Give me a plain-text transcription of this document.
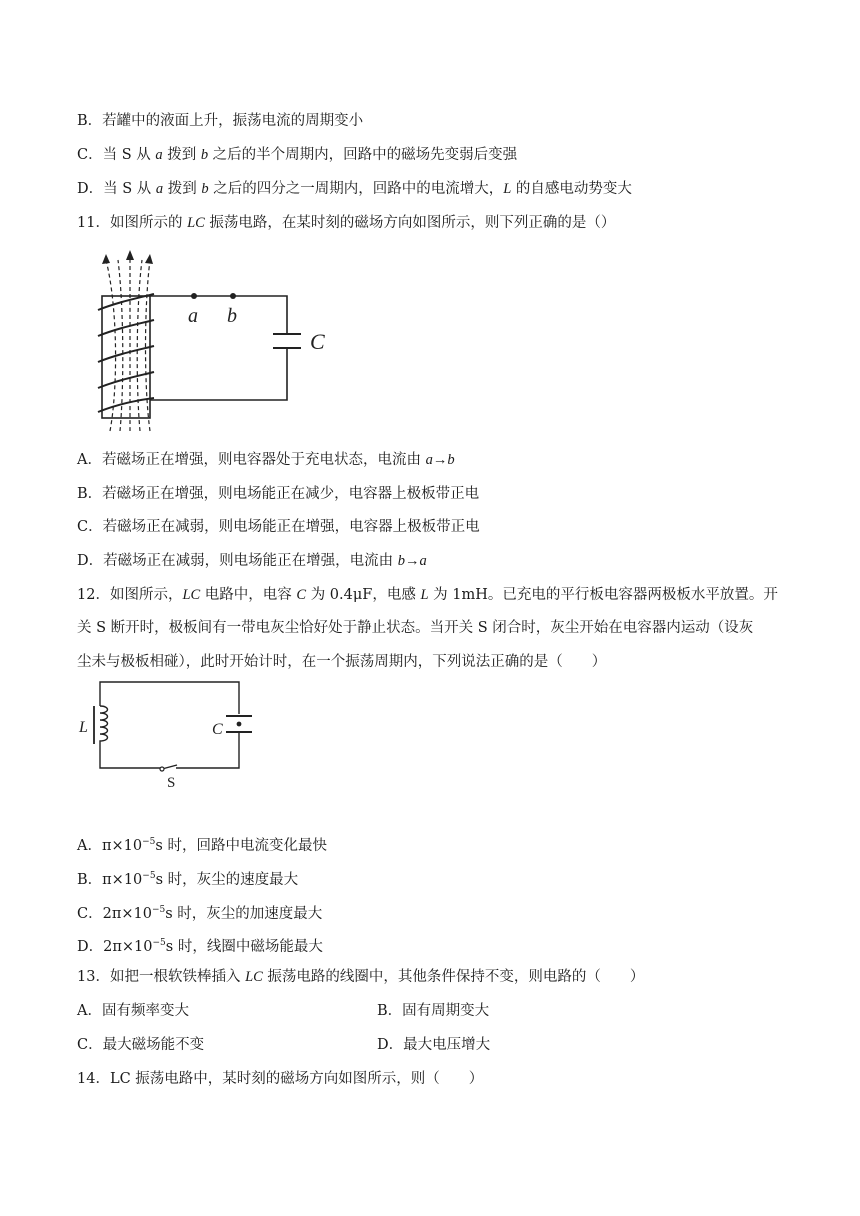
B．若罐中的液面上升，振荡电流的周期变小
C．当 S 从 a 拨到 b 之后的半个周期内，回路中的磁场先变弱后变强
D．当 S 从 a 拨到 b 之后的四分之一周期内，回路中的电流增大，L 的自感电动势变大
11．如图所示的 LC 振荡电路，在某时刻的磁场方向如图所示，则下列正确的是（）
a b
C
A．若磁场正在增强，则电容器处于充电状态，电流由 a→b
B．若磁场正在增强，则电场能正在减少，电容器上极板带正电
C．若磁场正在减弱，则电场能正在增强，电容器上极板带正电
D．若磁场正在减弱，则电场能正在增强，电流由 b→a
12．如图所示，LC 电路中，电容 C 为 0.4μF，电感 L 为 1mH。已充电的平行板电容器两极板水平放置。开
关 S 断开时，极板间有一带电灰尘恰好处于静止状态。当开关 S 闭合时，灰尘开始在电容器内运动（设灰
尘未与极板相碰），此时开始计时，在一个振荡周期内，下列说法正确的是（　　）
L	C
S
A．$\pi\times 10^{-5}s$ 时，回路中电流变化最快
B．$\pi\times 10^{-5}s$ 时，灰尘的速度最大
C．$2\pi\times 10^{-5}s$ 时，灰尘的加速度最大
D．$2\pi\times 10^{-5}s$ 时，线圈中磁场能最大
13．如把一根软铁棒插入 LC 振荡电路的线圈中，其他条件保持不变，则电路的（　　）
A．固有频率变大	B．固有周期变大
C．最大磁场能不变	D．最大电压增大
14．LC 振荡电路中，某时刻的磁场方向如图所示，则（　　）
